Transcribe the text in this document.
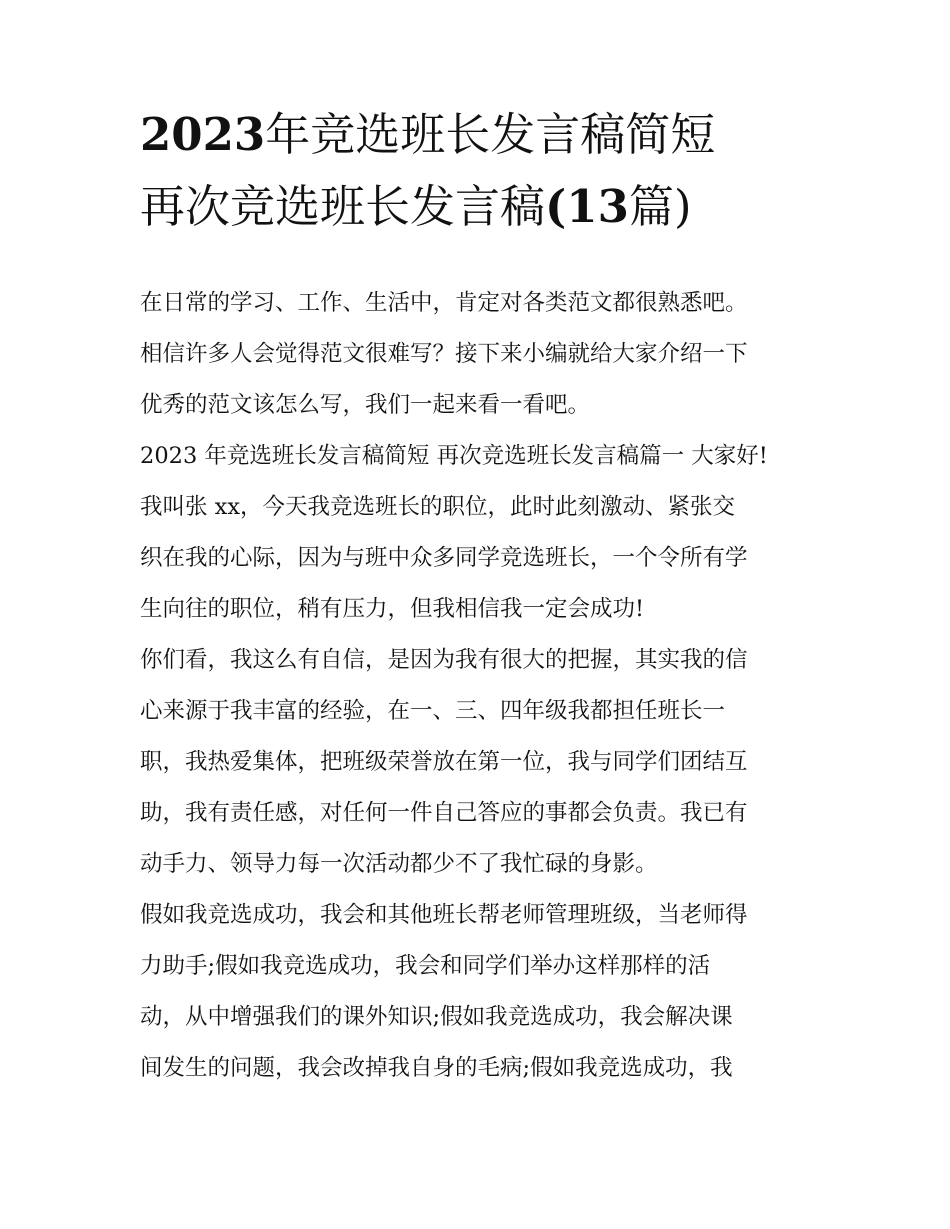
2023年竞选班长发言稿简短
再次竞选班长发言稿(13篇)
在日常的学习、工作、生活中，肯定对各类范文都很熟悉吧。
相信许多人会觉得范文很难写？接下来小编就给大家介绍一下
优秀的范文该怎么写，我们一起来看一看吧。
2023 年竞选班长发言稿简短 再次竞选班长发言稿篇一 大家好!
我叫张 xx，今天我竞选班长的职位，此时此刻激动、紧张交
织在我的心际，因为与班中众多同学竞选班长，一个令所有学
生向往的职位，稍有压力，但我相信我一定会成功!
你们看，我这么有自信，是因为我有很大的把握，其实我的信
心来源于我丰富的经验，在一、三、四年级我都担任班长一
职，我热爱集体，把班级荣誉放在第一位，我与同学们团结互
助，我有责任感，对任何一件自己答应的事都会负责。我已有
动手力、领导力每一次活动都少不了我忙碌的身影。
假如我竞选成功，我会和其他班长帮老师管理班级，当老师得
力助手;假如我竞选成功，我会和同学们举办这样那样的活
动，从中增强我们的课外知识;假如我竞选成功，我会解决课
间发生的问题，我会改掉我自身的毛病;假如我竞选成功，我
